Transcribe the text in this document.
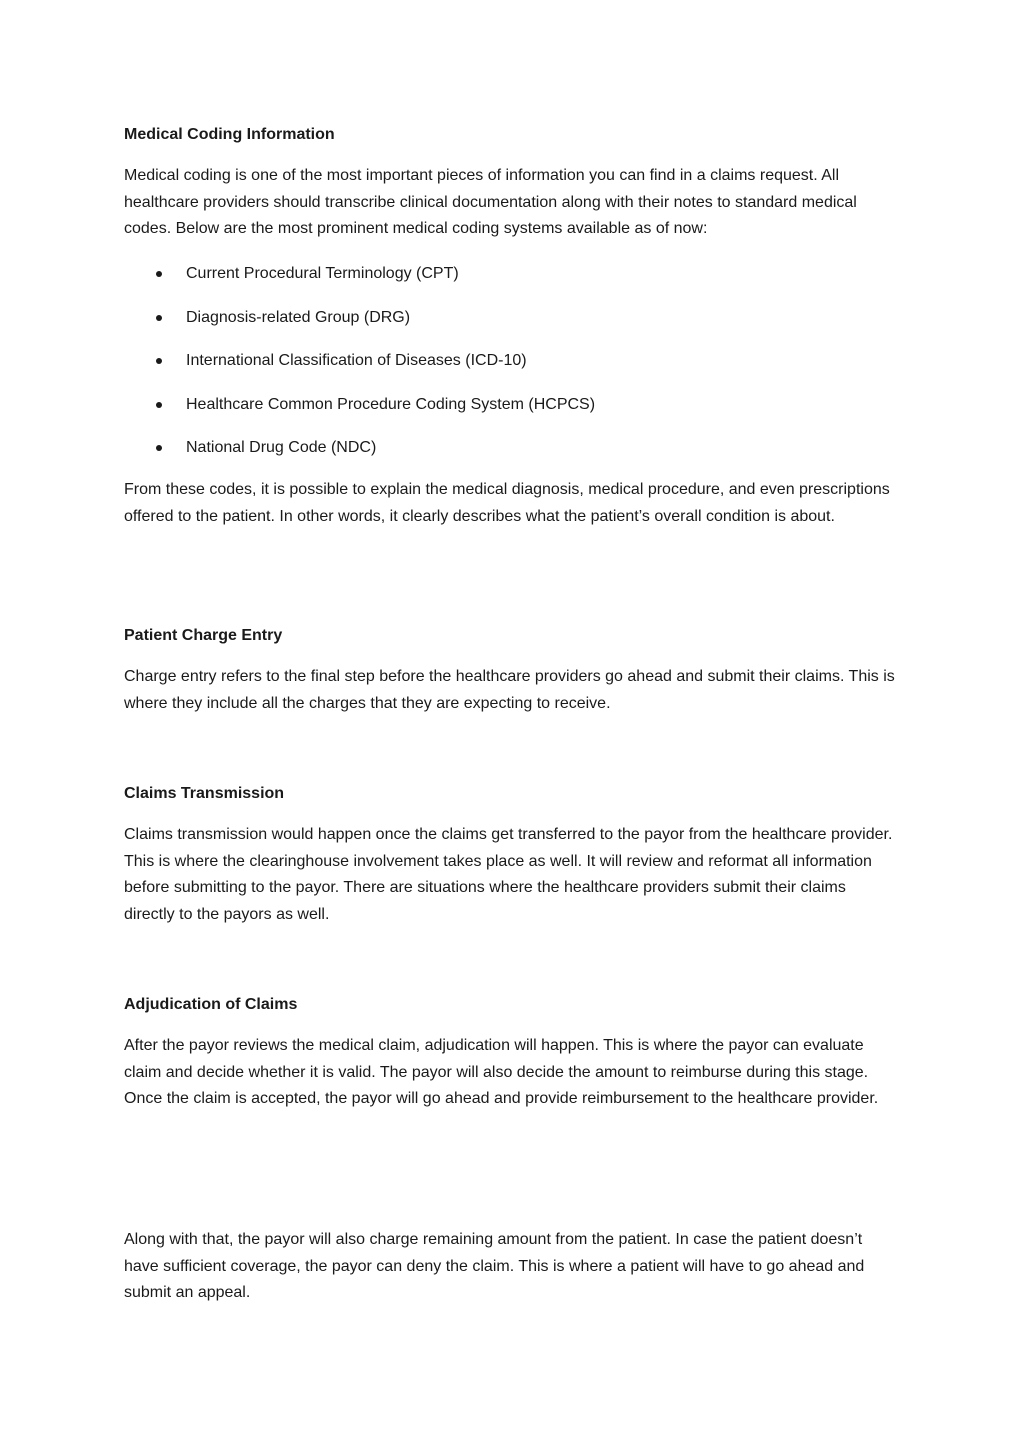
Medical Coding Information

Medical coding is one of the most important pieces of information you can find in a claims request. All healthcare providers should transcribe clinical documentation along with their notes to standard medical codes. Below are the most prominent medical coding systems available as of now:

Current Procedural Terminology (CPT)
Diagnosis-related Group (DRG)
International Classification of Diseases (ICD-10)
Healthcare Common Procedure Coding System (HCPCS)
National Drug Code (NDC)

From these codes, it is possible to explain the medical diagnosis, medical procedure, and even prescriptions offered to the patient. In other words, it clearly describes what the patient’s overall condition is about.

Patient Charge Entry

Charge entry refers to the final step before the healthcare providers go ahead and submit their claims. This is where they include all the charges that they are expecting to receive.

Claims Transmission

Claims transmission would happen once the claims get transferred to the payor from the healthcare provider. This is where the clearinghouse involvement takes place as well. It will review and reformat all information before submitting to the payor. There are situations where the healthcare providers submit their claims directly to the payors as well.

Adjudication of Claims

After the payor reviews the medical claim, adjudication will happen. This is where the payor can evaluate claim and decide whether it is valid. The payor will also decide the amount to reimburse during this stage. Once the claim is accepted, the payor will go ahead and provide reimbursement to the healthcare provider.

Along with that, the payor will also charge remaining amount from the patient. In case the patient doesn’t have sufficient coverage, the payor can deny the claim. This is where a patient will have to go ahead and submit an appeal.
